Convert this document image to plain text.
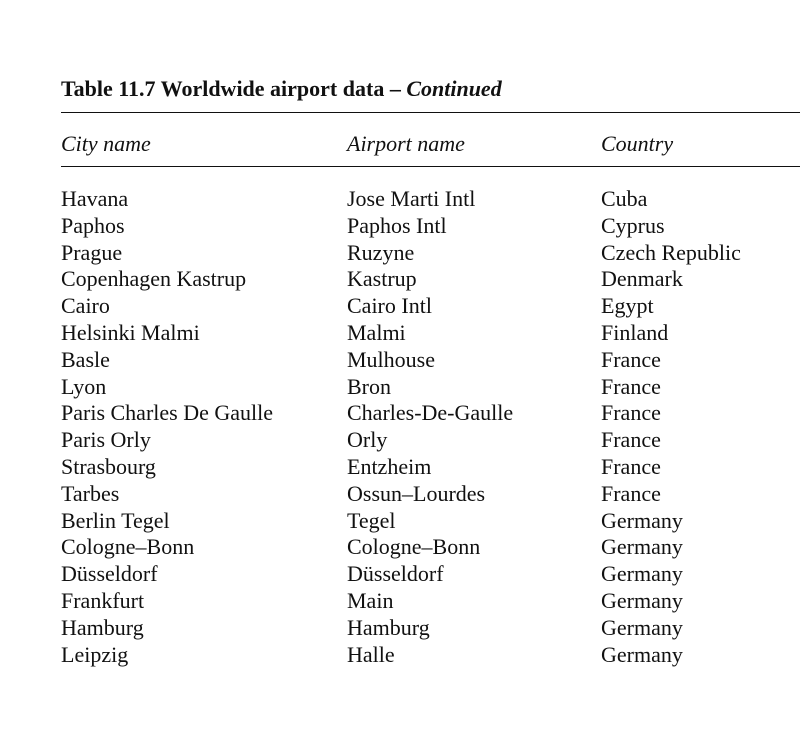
Table 11.7 Worldwide airport data – Continued
City name	Airport name	Country
Havana	Jose Marti Intl	Cuba
Paphos	Paphos Intl	Cyprus
Prague	Ruzyne	Czech Republic
Copenhagen Kastrup	Kastrup	Denmark
Cairo	Cairo Intl	Egypt
Helsinki Malmi	Malmi	Finland
Basle	Mulhouse	France
Lyon	Bron	France
Paris Charles De Gaulle	Charles-De-Gaulle	France
Paris Orly	Orly	France
Strasbourg	Entzheim	France
Tarbes	Ossun–Lourdes	France
Berlin Tegel	Tegel	Germany
Cologne–Bonn	Cologne–Bonn	Germany
Düsseldorf	Düsseldorf	Germany
Frankfurt	Main	Germany
Hamburg	Hamburg	Germany
Leipzig	Halle	Germany
